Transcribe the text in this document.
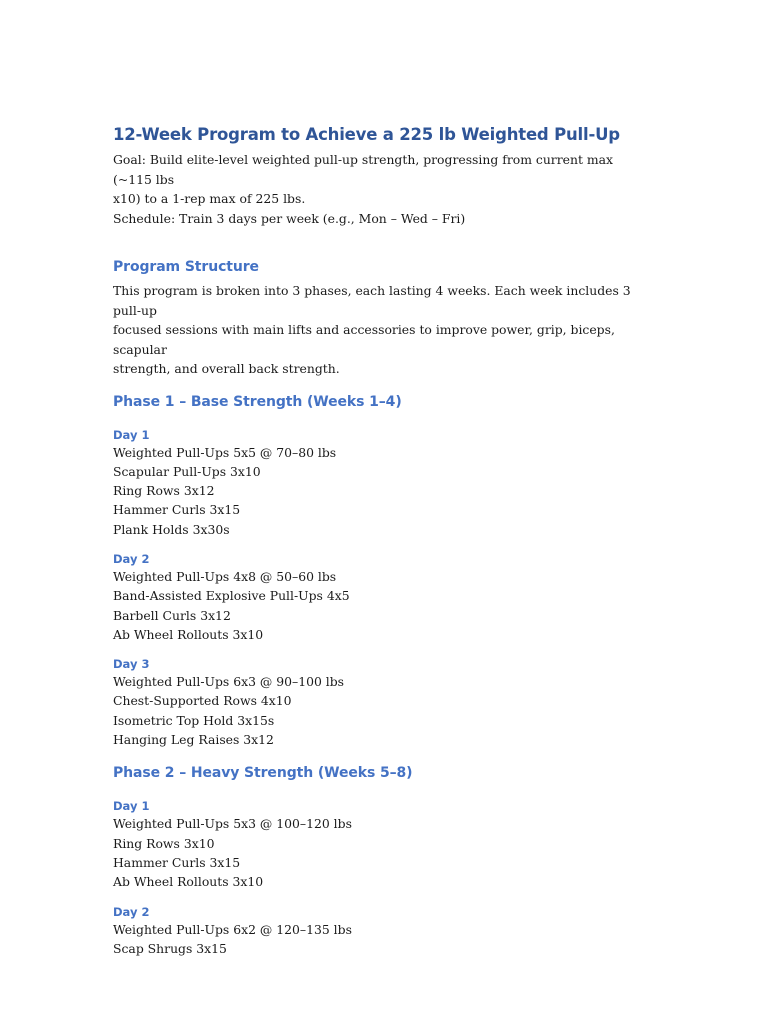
12-Week Program to Achieve a 225 lb Weighted Pull-Up

Goal: Build elite-level weighted pull-up strength, progressing from current max (~115 lbs

x10) to a 1-rep max of 225 lbs.

Schedule: Train 3 days per week (e.g., Mon – Wed – Fri)

Program Structure

This program is broken into 3 phases, each lasting 4 weeks. Each week includes 3 pull-up

focused sessions with main lifts and accessories to improve power, grip, biceps, scapular

strength, and overall back strength.

Phase 1 – Base Strength (Weeks 1–4)
Day 1

Weighted Pull-Ups 5x5 @ 70–80 lbs

Scapular Pull-Ups 3x10

Ring Rows 3x12

Hammer Curls 3x15

Plank Holds 3x30s

Day 2

Weighted Pull-Ups 4x8 @ 50–60 lbs

Band-Assisted Explosive Pull-Ups 4x5

Barbell Curls 3x12

Ab Wheel Rollouts 3x10

Day 3

Weighted Pull-Ups 6x3 @ 90–100 lbs

Chest-Supported Rows 4x10

Isometric Top Hold 3x15s

Hanging Leg Raises 3x12

Phase 2 – Heavy Strength (Weeks 5–8)
Day 1

Weighted Pull-Ups 5x3 @ 100–120 lbs

Ring Rows 3x10

Hammer Curls 3x15

Ab Wheel Rollouts 3x10

Day 2

Weighted Pull-Ups 6x2 @ 120–135 lbs

Scap Shrugs 3x15
